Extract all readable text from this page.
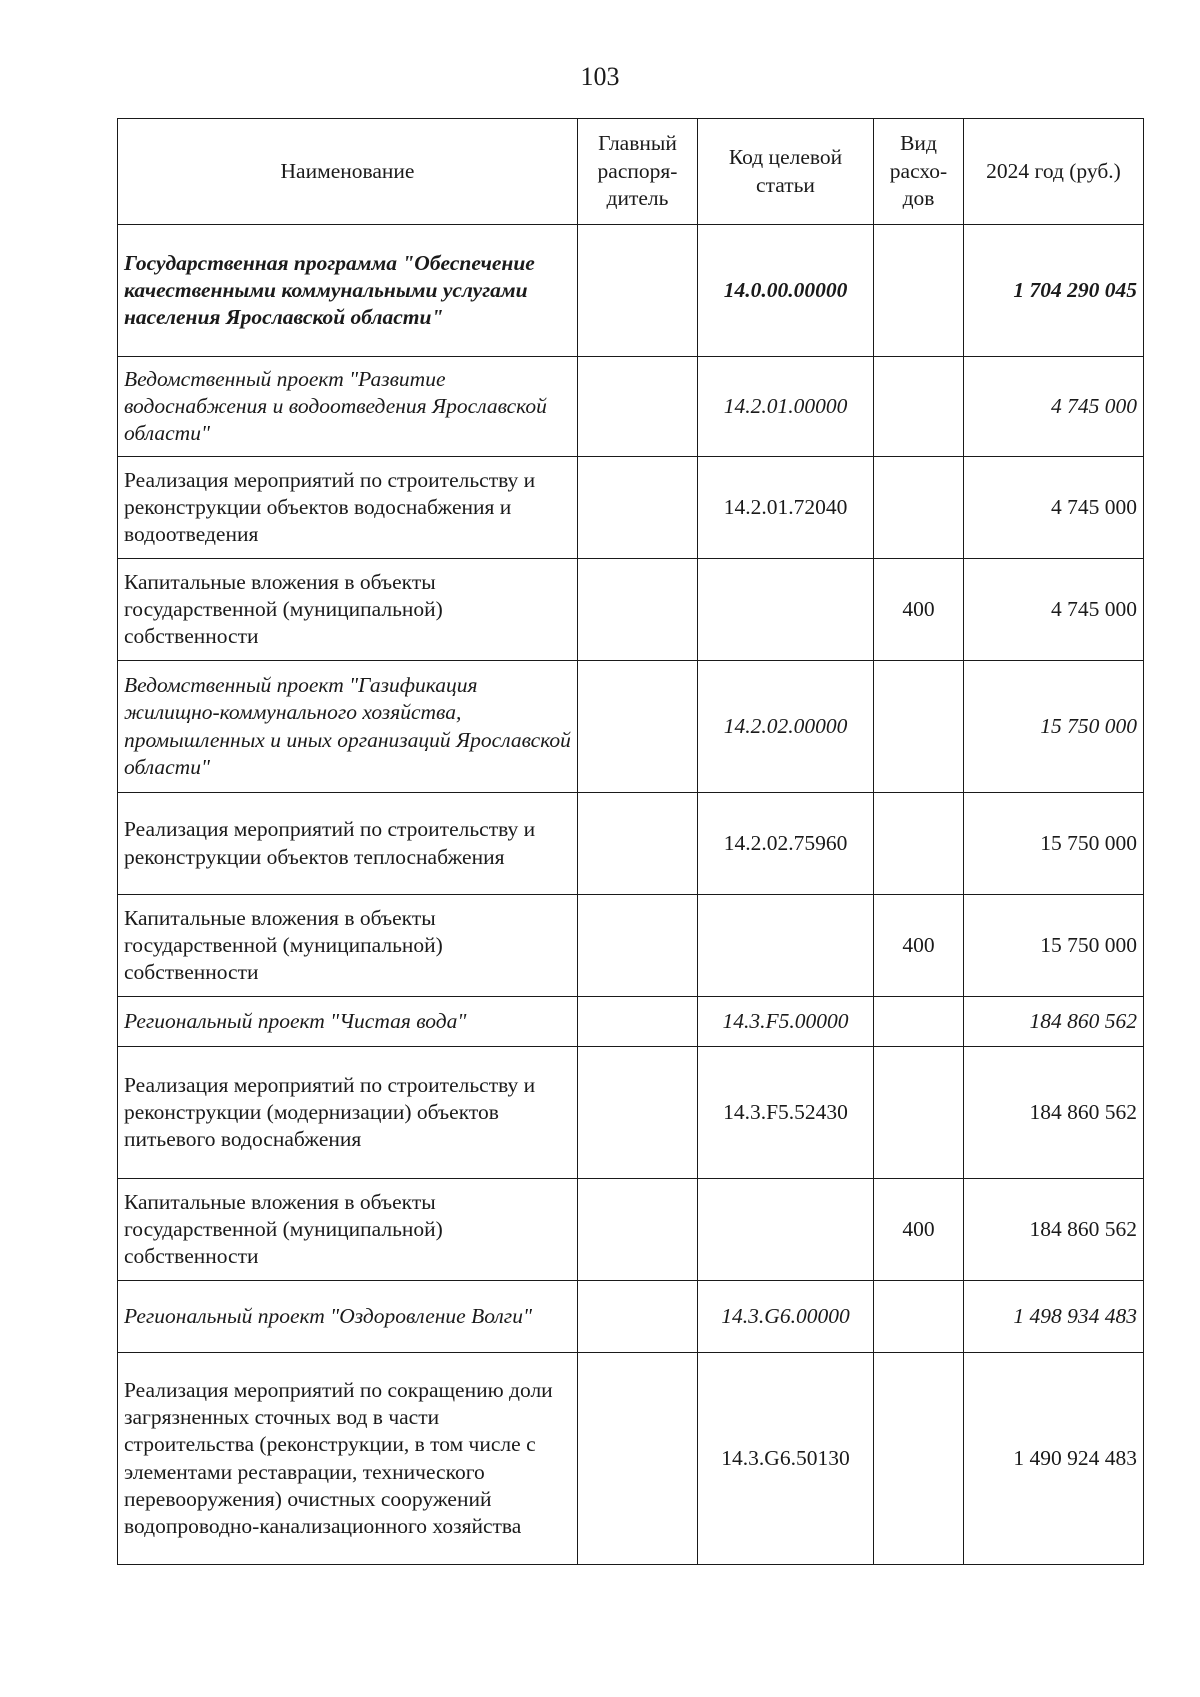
103
Наименование	Главный распоря-дитель	Код целевой статьи	Вид расхо-дов	2024 год (руб.)
Государственная программа "Обеспечение качественными коммунальными услугами населения Ярославской области"		14.0.00.00000		1 704 290 045
Ведомственный проект "Развитие водоснабжения и водоотведения Ярославской области"		14.2.01.00000		4 745 000
Реализация мероприятий по строительству и реконструкции объектов водоснабжения и водоотведения		14.2.01.72040		4 745 000
Капитальные вложения в объекты государственной (муниципальной) собственности			400	4 745 000
Ведомственный проект "Газификация жилищно-коммунального хозяйства, промышленных и иных организаций Ярославской области"		14.2.02.00000		15 750 000
Реализация мероприятий по строительству и реконструкции объектов теплоснабжения		14.2.02.75960		15 750 000
Капитальные вложения в объекты государственной (муниципальной) собственности			400	15 750 000
Региональный проект "Чистая вода"		14.3.F5.00000		184 860 562
Реализация мероприятий по строительству и реконструкции (модернизации) объектов питьевого водоснабжения		14.3.F5.52430		184 860 562
Капитальные вложения в объекты государственной (муниципальной) собственности			400	184 860 562
Региональный проект "Оздоровление Волги"		14.3.G6.00000		1 498 934 483
Реализация мероприятий по сокращению доли загрязненных сточных вод в части строительства (реконструкции, в том числе с элементами реставрации, технического перевооружения) очистных сооружений водопроводно-канализационного хозяйства		14.3.G6.50130		1 490 924 483
